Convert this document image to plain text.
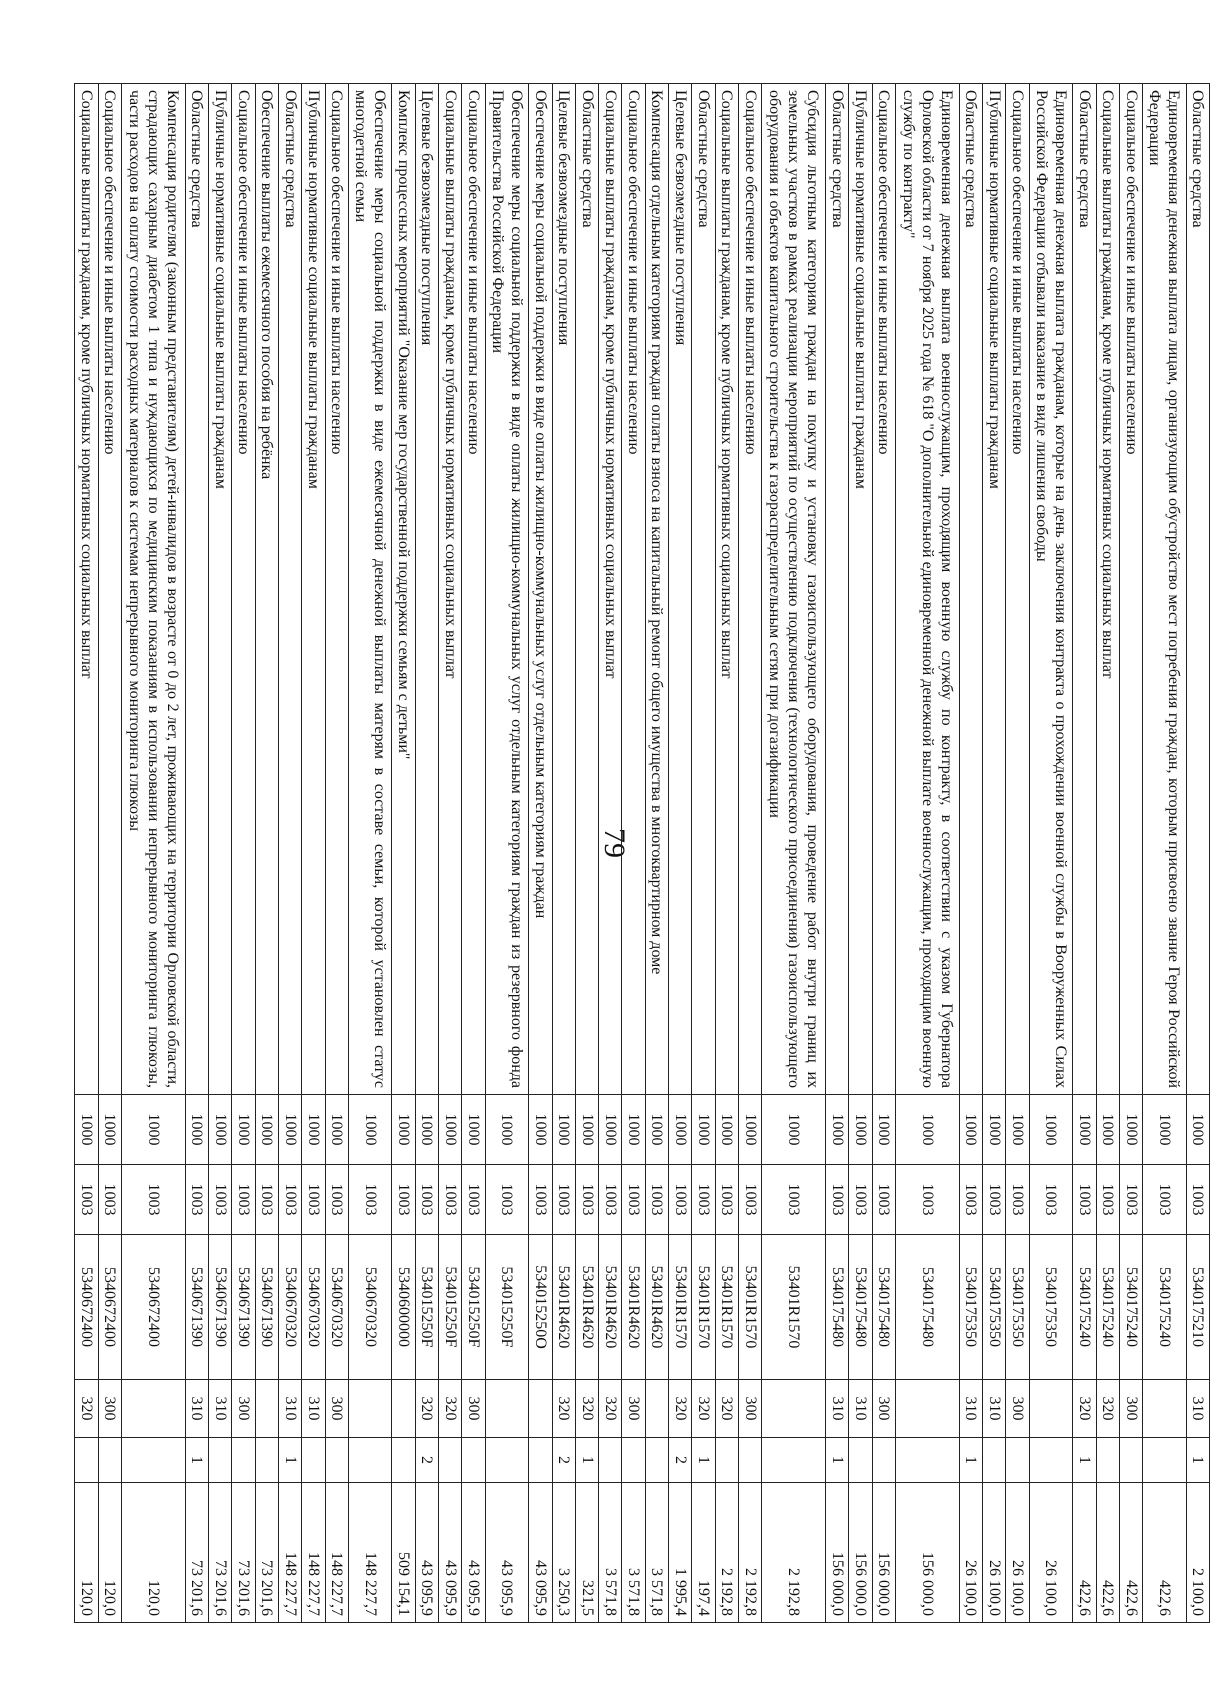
79
Областные средства	1000	1003	5340175210	310	1	2 100,0
Единовременная денежная выплата лицам, организующим обустройство мест погребения граждан, которым присвоено звание Героя Российской Федерации	1000	1003	5340175240			422,6
Социальное обеспечение и иные выплаты населению	1000	1003	5340175240	300		422,6
Социальные выплаты гражданам, кроме публичных нормативных социальных выплат	1000	1003	5340175240	320		422,6
Областные средства	1000	1003	5340175240	320	1	422,6
Единовременная денежная выплата гражданам, которые на день заключения контракта о прохождении военной службы в Вооруженных Силах Российской Федерации отбывали наказание в виде лишения свободы	1000	1003	5340175350			26 100,0
Социальное обеспечение и иные выплаты населению	1000	1003	5340175350	300		26 100,0
Публичные нормативные социальные выплаты гражданам	1000	1003	5340175350	310		26 100,0
Областные средства	1000	1003	5340175350	310	1	26 100,0
Единовременная денежная выплата военнослужащим, проходящим военную службу по контракту, в соответствии с указом Губернатора Орловской области от 7 ноября 2025 года № 618 "О дополнительной единовременной денежной выплате военнослужащим, проходящим военную службу по контракту"	1000	1003	5340175480			156 000,0
Социальное обеспечение и иные выплаты населению	1000	1003	5340175480	300		156 000,0
Публичные нормативные социальные выплаты гражданам	1000	1003	5340175480	310		156 000,0
Областные средства	1000	1003	5340175480	310	1	156 000,0
Субсидия льготным категориям граждан на покупку и установку газоиспользующего оборудования, проведение работ внутри границ их земельных участков в рамках реализации мероприятий по осуществлению подключения (технологического присоединения) газоиспользующего оборудования и объектов капитального строительства к газораспределительным сетям при догазификации	1000	1003	53401R1570			2 192,8
Социальное обеспечение и иные выплаты населению	1000	1003	53401R1570	300		2 192,8
Социальные выплаты гражданам, кроме публичных нормативных социальных выплат	1000	1003	53401R1570	320		2 192,8
Областные средства	1000	1003	53401R1570	320	1	197,4
Целевые безвозмездные поступления	1000	1003	53401R1570	320	2	1 995,4
Компенсация отдельным категориям граждан оплаты взноса на капитальный ремонт общего имущества в многоквартирном доме	1000	1003	53401R4620			3 571,8
Социальное обеспечение и иные выплаты населению	1000	1003	53401R4620	300		3 571,8
Социальные выплаты гражданам, кроме публичных нормативных социальных выплат	1000	1003	53401R4620	320		3 571,8
Областные средства	1000	1003	53401R4620	320	1	321,5
Целевые безвозмездные поступления	1000	1003	53401R4620	320	2	3 250,3
Обеспечение меры социальной поддержки в виде оплаты жилищно-коммунальных услуг отдельным категориям граждан	1000	1003	534015250О			43 095,9
Обеспечение меры социальной поддержки в виде оплаты жилищно-коммунальных услуг отдельным категориям граждан из резервного фонда Правительства Российской Федерации	1000	1003	534015250F			43 095,9
Социальное обеспечение и иные выплаты населению	1000	1003	534015250F	300		43 095,9
Социальные выплаты гражданам, кроме публичных нормативных социальных выплат	1000	1003	534015250F	320		43 095,9
Целевые безвозмездные поступления	1000	1003	534015250F	320	2	43 095,9
Комплекс процессных мероприятий "Оказание мер государственной поддержки семьям с детьми"	1000	1003	5340600000			509 154,1
Обеспечение меры социальной поддержки в виде ежемесячной денежной выплаты матерям в составе семьи, которой установлен статус многодетной семьи	1000	1003	5340670320			148 227,7
Социальное обеспечение и иные выплаты населению	1000	1003	5340670320	300		148 227,7
Публичные нормативные социальные выплаты гражданам	1000	1003	5340670320	310		148 227,7
Областные средства	1000	1003	5340670320	310	1	148 227,7
Обеспечение выплаты ежемесячного пособия на ребёнка	1000	1003	5340671390			73 201,6
Социальное обеспечение и иные выплаты населению	1000	1003	5340671390	300		73 201,6
Публичные нормативные социальные выплаты гражданам	1000	1003	5340671390	310		73 201,6
Областные средства	1000	1003	5340671390	310	1	73 201,6
Компенсация родителям (законным представителям) детей-инвалидов в возрасте от 0 до 2 лет, проживающих на территории Орловской области, страдающих сахарным диабетом 1 типа и нуждающихся по медицинским показаниям в использовании непрерывного мониторинга глюкозы, части расходов на оплату стоимости расходных материалов к системам непрерывного мониторинга глюкозы	1000	1003	5340672400			120,0
Социальное обеспечение и иные выплаты населению	1000	1003	5340672400	300		120,0
Социальные выплаты гражданам, кроме публичных нормативных социальных выплат	1000	1003	5340672400	320		120,0
